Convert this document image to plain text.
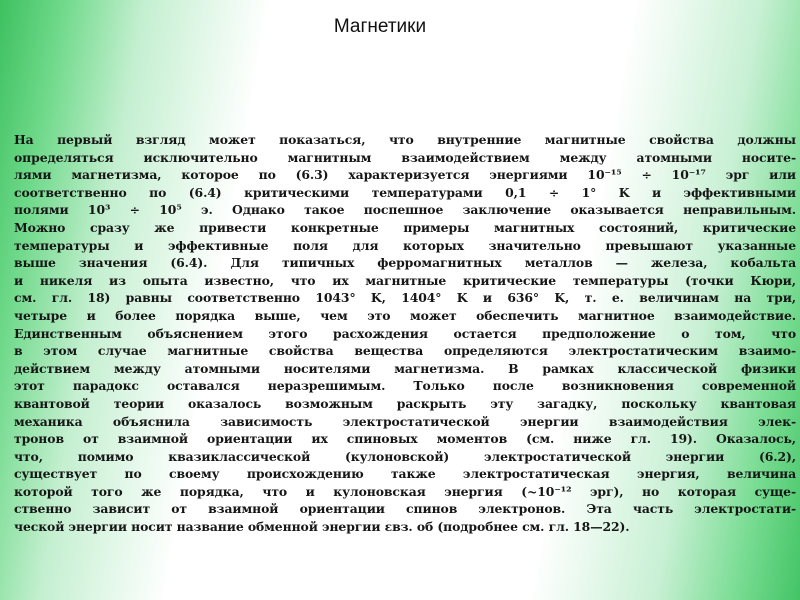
Магнетики
На первый взгляд может показаться, что внутренние магнитные свойства должны
определяться исключительно магнитным взаимодействием между атомными носите-
лями магнетизма, которое по (6.3) характеризуется энергиями 10⁻¹⁵ ÷ 10⁻¹⁷ эрг или
соответственно по (6.4) критическими температурами 0,1 ÷ 1° K и эффективными
полями 10³ ÷ 10⁵ э. Однако такое поспешное заключение оказывается неправильным.
Можно сразу же привести конкретные примеры магнитных состояний, критические
температуры и эффективные поля для которых значительно превышают указанные
выше значения (6.4). Для типичных ферромагнитных металлов — железа, кобальта
и никеля из опыта известно, что их магнитные критические температуры (точки Кюри,
см. гл. 18) равны соответственно 1043° K, 1404° K и 636° K, т. е. величинам на три,
четыре и более порядка выше, чем это может обеспечить магнитное взаимодействие.
Единственным объяснением этого расхождения остается предположение о том, что
в этом случае магнитные свойства вещества определяются электростатическим взаимо-
действием между атомными носителями магнетизма. В рамках классической физики
этот парадокс оставался неразрешимым. Только после возникновения современной
квантовой теории оказалось возможным раскрыть эту загадку, поскольку квантовая
механика объяснила зависимость электростатической энергии взаимодействия элек-
тронов от взаимной ориентации их спиновых моментов (см. ниже гл. 19). Оказалось,
что, помимо квазиклассической (кулоновской) электростатической энергии (6.2),
существует по своему происхождению также электростатическая энергия, величина
которой того же порядка, что и кулоновская энергия (~10⁻¹² эрг), но которая суще-
ственно зависит от взаимной ориентации спинов электронов. Эта часть электростати-
ческой энергии носит название обменной энергии εвз. об (подробнее см. гл. 18—22).
